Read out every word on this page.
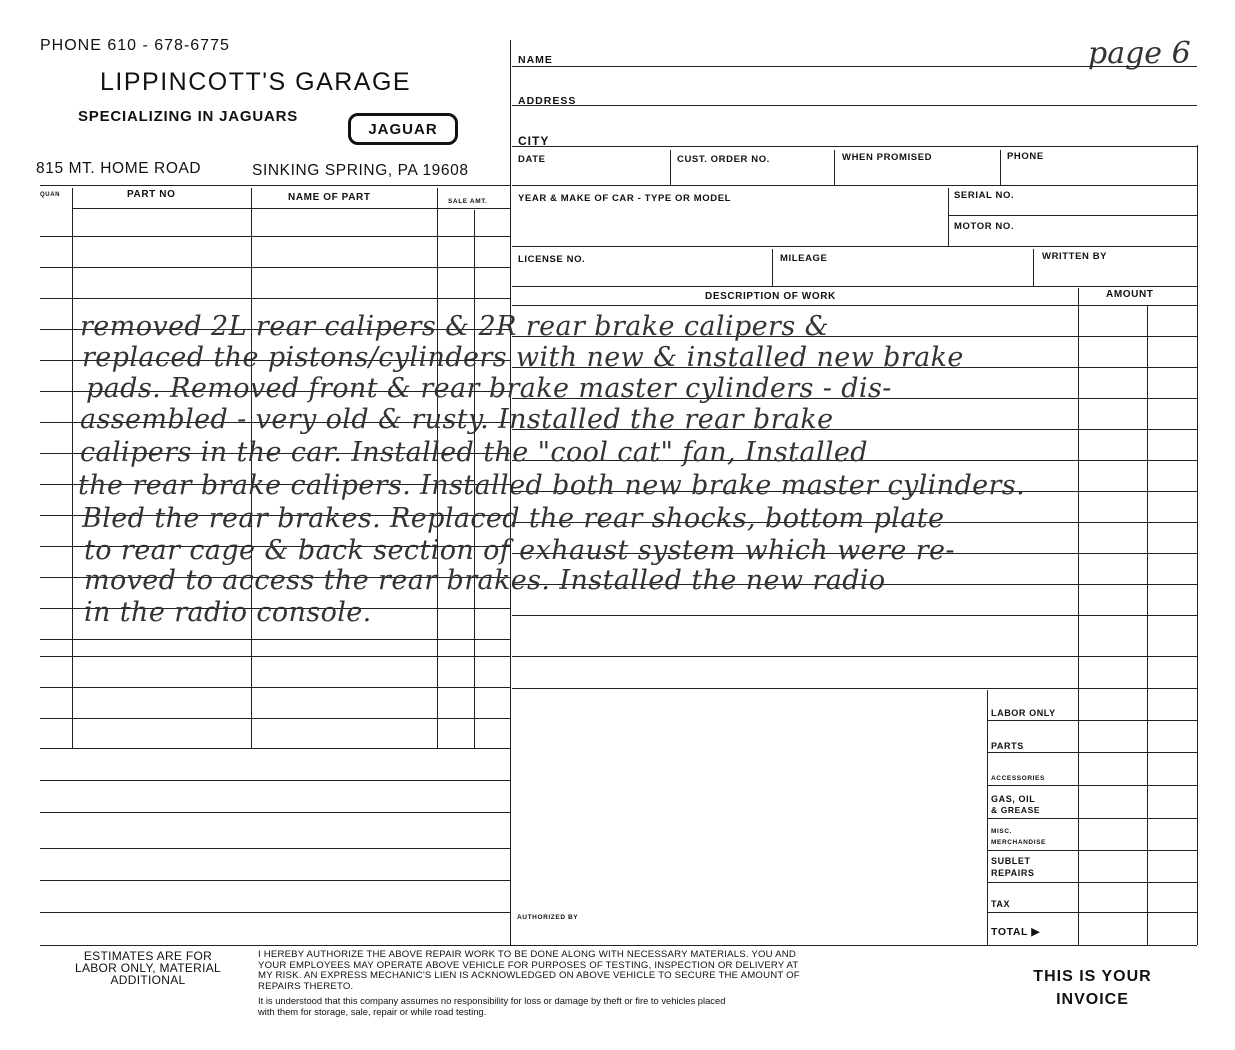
PHONE 610 - 678-6775
LIPPINCOTT'S GARAGE
SPECIALIZING IN JAGUARS
JAGUAR
815 MT. HOME ROAD	SINKING SPRING, PA 19608
page 6
NAME
ADDRESS
CITY
DATE	CUST. ORDER NO.	WHEN PROMISED	PHONE
YEAR & MAKE OF CAR - TYPE OR MODEL	SERIAL NO.
MOTOR NO.
LICENSE NO.	MILEAGE	WRITTEN BY
DESCRIPTION OF WORK	AMOUNT
QUAN	PART NO	NAME OF PART	SALE AMT.
LABOR ONLY
PARTS
ACCESSORIES
GAS, OIL
& GREASE
MISC.
MERCHANDISE
SUBLET
REPAIRS
TAX
TOTAL ▶
AUTHORIZED BY
removed 2L rear calipers & 2R rear brake calipers &
replaced the pistons/cylinders with new & installed new brake
pads. Removed front & rear brake master cylinders - dis-
assembled - very old & rusty. Installed the rear brake
calipers in the car. Installed the "cool cat" fan, Installed
the rear brake calipers. Installed both new brake master cylinders.
Bled the rear brakes. Replaced the rear shocks, bottom plate
to rear cage & back section of exhaust system which were re-
moved to access the rear brakes. Installed the new radio
in the radio console.
ESTIMATES ARE FOR
LABOR ONLY, MATERIAL
ADDITIONAL
I HEREBY AUTHORIZE THE ABOVE REPAIR WORK TO BE DONE ALONG WITH NECESSARY MATERIALS. YOU AND
YOUR EMPLOYEES MAY OPERATE ABOVE VEHICLE FOR PURPOSES OF TESTING, INSPECTION OR DELIVERY AT
MY RISK. AN EXPRESS MECHANIC'S LIEN IS ACKNOWLEDGED ON ABOVE VEHICLE TO SECURE THE AMOUNT OF
REPAIRS THERETO.
It is understood that this company assumes no responsibility for loss or damage by theft or fire to vehicles placed
with them for storage, sale, repair or while road testing.
THIS IS YOUR
INVOICE
